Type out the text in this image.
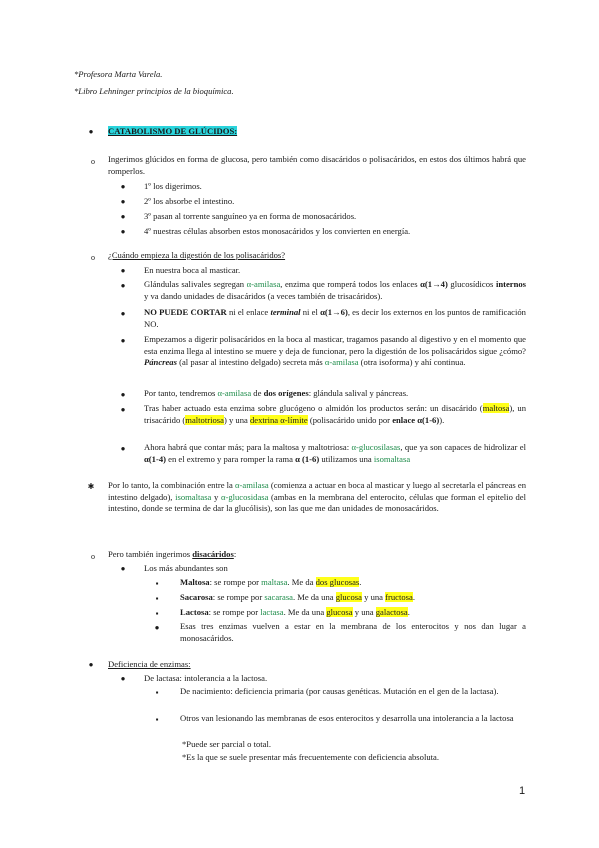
*Profesora Marta Varela.
*Libro Lehninger principios de la bioquímica.
● CATABOLISMO DE GLÚCIDOS:
o	Ingerimos glúcidos en forma de glucosa, pero también como disacáridos o polisacáridos, en estos dos últimos habrá que romperlos.
● 1º los digerimos.
● 2º los absorbe el intestino.
● 3º pasan al torrente sanguíneo ya en forma de monosacáridos.
● 4º nuestras células absorben estos monosacáridos y los convierten en energía.
o	¿Cuándo empieza la digestión de los polisacáridos?
● En nuestra boca al masticar.
● Glándulas salivales segregan α-amilasa, enzima que romperá todos los enlaces α(1→4) glucosídicos internos y va dando unidades de disacáridos (a veces también de trisacáridos).
● NO PUEDE CORTAR ni el enlace terminal ni el α(1→6), es decir los externos en los puntos de ramificación NO.
● Empezamos a digerir polisacáridos en la boca al masticar, tragamos pasando al digestivo y en el momento que esta enzima llega al intestino se muere y deja de funcionar, pero la digestión de los polisacáridos sigue ¿cómo? Páncreas (al pasar al intestino delgado) secreta más α-amilasa (otra isoforma) y ahí continua.
● Por tanto, tendremos α-amilasa de dos orígenes: glándula salival y páncreas.
● Tras haber actuado esta enzima sobre glucógeno o almidón los productos serán: un disacárido (maltosa), un trisacárido (maltotriosa) y una dextrina α-límite (polisacárido unido por enlace α(1-6)).
● Ahora habrá que contar más; para la maltosa y maltotriosa: α-glucosilasas, que ya son capaces de hidrolizar el α(1-4) en el extremo y para romper la rama α (1-6) utilizamos una isomaltasa
✱ Por lo tanto, la combinación entre la α-amilasa (comienza a actuar en boca al masticar y luego al secretarla el páncreas en intestino delgado), isomaltasa y α-glucosidasa (ambas en la membrana del enterocito, células que forman el epitelio del intestino, donde se termina de dar la glucólisis), son las que me dan unidades de monosacáridos.
o	Pero también ingerimos disacáridos:
● Los más abundantes son
▪	Maltosa: se rompe por maltasa. Me da dos glucosas.
▪	Sacarosa: se rompe por sacarasa. Me da una glucosa y una fructosa.
▪	Lactosa: se rompe por lactasa. Me da una glucosa y una galactosa.
● Esas tres enzimas vuelven a estar en la membrana de los enterocitos y nos dan lugar a monosacáridos.
● Deficiencia de enzimas:
● De lactasa: intolerancia a la lactosa.
▪	De nacimiento: deficiencia primaria (por causas genéticas. Mutación en el gen de la lactasa).
▪	Otros van lesionando las membranas de esos enterocitos y desarrolla una intolerancia a la lactosa
*Puede ser parcial o total.
*Es la que se suele presentar más frecuentemente con deficiencia absoluta.
1
